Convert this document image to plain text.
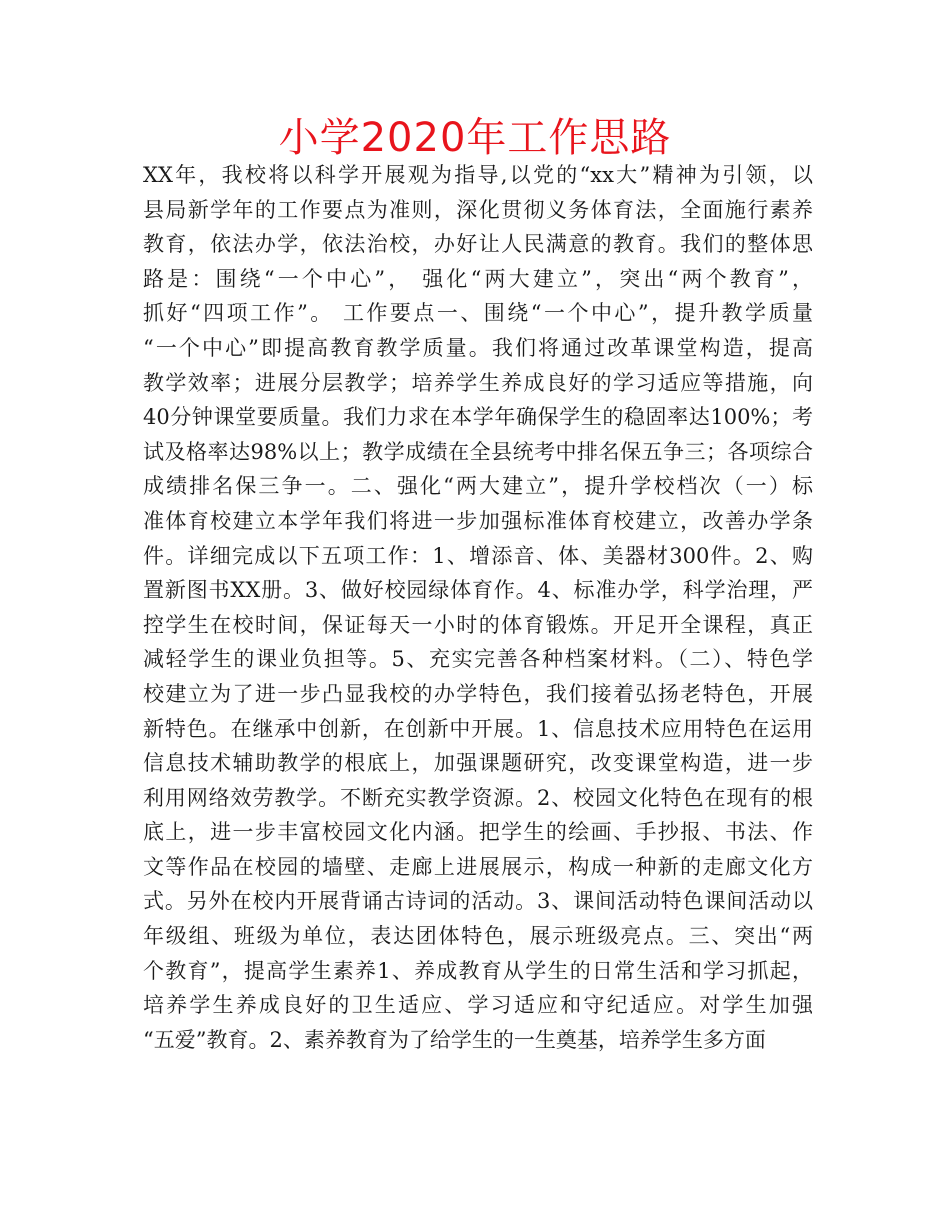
小学2020年工作思路
XX年，我校将以科学开展观为指导,以党的“xx大”精神为引领，以
县局新学年的工作要点为准则，深化贯彻义务体育法，全面施行素养
教育，依法办学，依法治校，办好让人民满意的教育。我们的整体思
路是：围绕“一个中心”， 强化“两大建立”，突出“两个教育”，
抓好“四项工作”。 工作要点一、围绕“一个中心”，提升教学质量
“一个中心”即提高教育教学质量。我们将通过改革课堂构造，提高
教学效率；进展分层教学；培养学生养成良好的学习适应等措施，向
40分钟课堂要质量。我们力求在本学年确保学生的稳固率达100%；考
试及格率达98%以上；教学成绩在全县统考中排名保五争三；各项综合
成绩排名保三争一。二、强化“两大建立”，提升学校档次（一）标
准体育校建立本学年我们将进一步加强标准体育校建立，改善办学条
件。详细完成以下五项工作：1、增添音、体、美器材300件。2、购
置新图书XX册。3、做好校园绿体育作。4、标准办学，科学治理，严
控学生在校时间，保证每天一小时的体育锻炼。开足开全课程，真正
减轻学生的课业负担等。5、充实完善各种档案材料。（二）、特色学
校建立为了进一步凸显我校的办学特色，我们接着弘扬老特色，开展
新特色。在继承中创新，在创新中开展。1、信息技术应用特色在运用
信息技术辅助教学的根底上，加强课题研究，改变课堂构造，进一步
利用网络效劳教学。不断充实教学资源。2、校园文化特色在现有的根
底上，进一步丰富校园文化内涵。把学生的绘画、手抄报、书法、作
文等作品在校园的墙壁、走廊上进展展示，构成一种新的走廊文化方
式。另外在校内开展背诵古诗词的活动。3、课间活动特色课间活动以
年级组、班级为单位，表达团体特色，展示班级亮点。三、突出“两
个教育”，提高学生素养1、养成教育从学生的日常生活和学习抓起，
培养学生养成良好的卫生适应、学习适应和守纪适应。对学生加强
“五爱”教育。2、素养教育为了给学生的一生奠基，培养学生多方面
